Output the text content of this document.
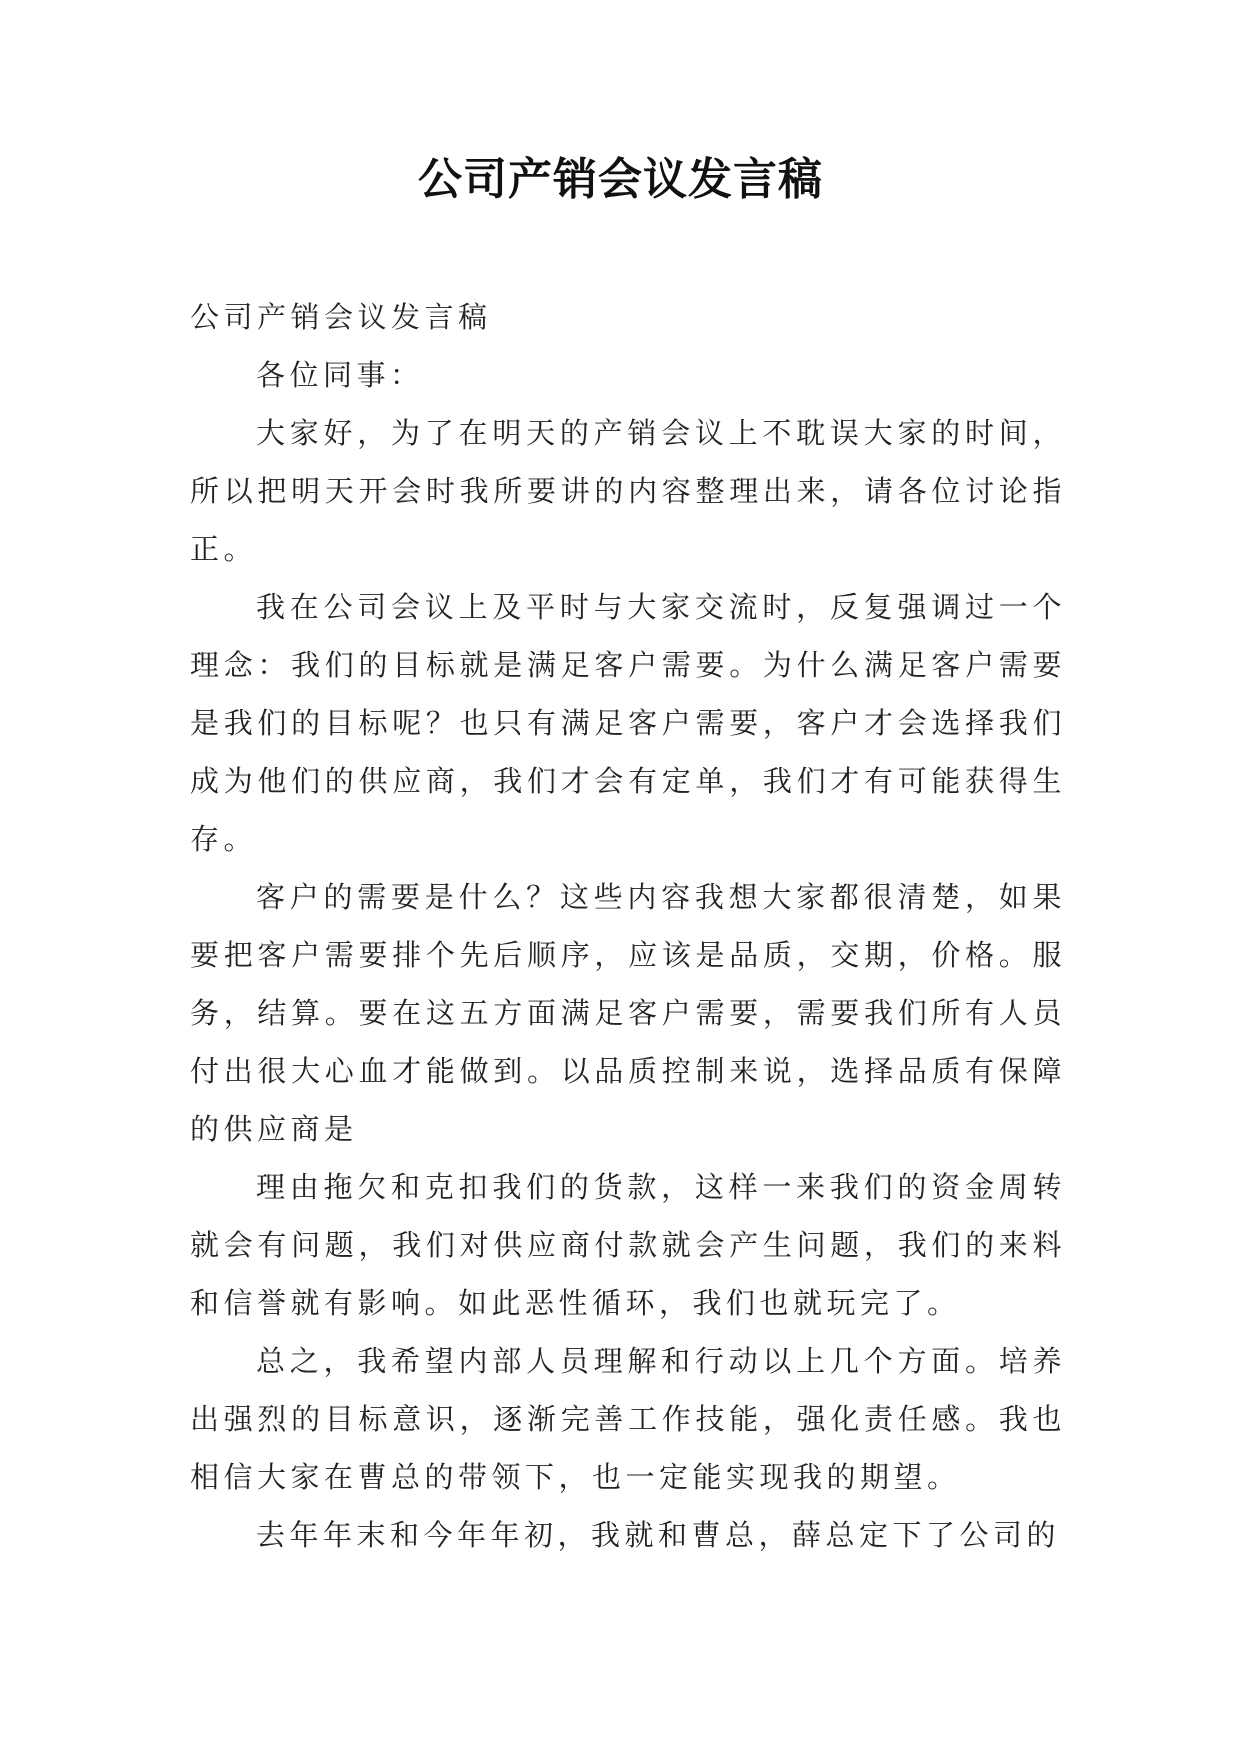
公司产销会议发言稿

公司产销会议发言稿

各位同事：

大家好，为了在明天的产销会议上不耽误大家的时间，所以把明天开会时我所要讲的内容整理出来，请各位讨论指正。

我在公司会议上及平时与大家交流时，反复强调过一个理念：我们的目标就是满足客户需要。为什么满足客户需要是我们的目标呢？也只有满足客户需要，客户才会选择我们成为他们的供应商，我们才会有定单，我们才有可能获得生存。

客户的需要是什么？这些内容我想大家都很清楚，如果要把客户需要排个先后顺序，应该是品质，交期，价格。服务，结算。要在这五方面满足客户需要，需要我们所有人员付出很大心血才能做到。以品质控制来说，选择品质有保障的供应商是

理由拖欠和克扣我们的货款，这样一来我们的资金周转就会有问题，我们对供应商付款就会产生问题，我们的来料和信誉就有影响。如此恶性循环，我们也就玩完了。

总之，我希望内部人员理解和行动以上几个方面。培养出强烈的目标意识，逐渐完善工作技能，强化责任感。我也相信大家在曹总的带领下，也一定能实现我的期望。

去年年末和今年年初，我就和曹总，薛总定下了公司的
